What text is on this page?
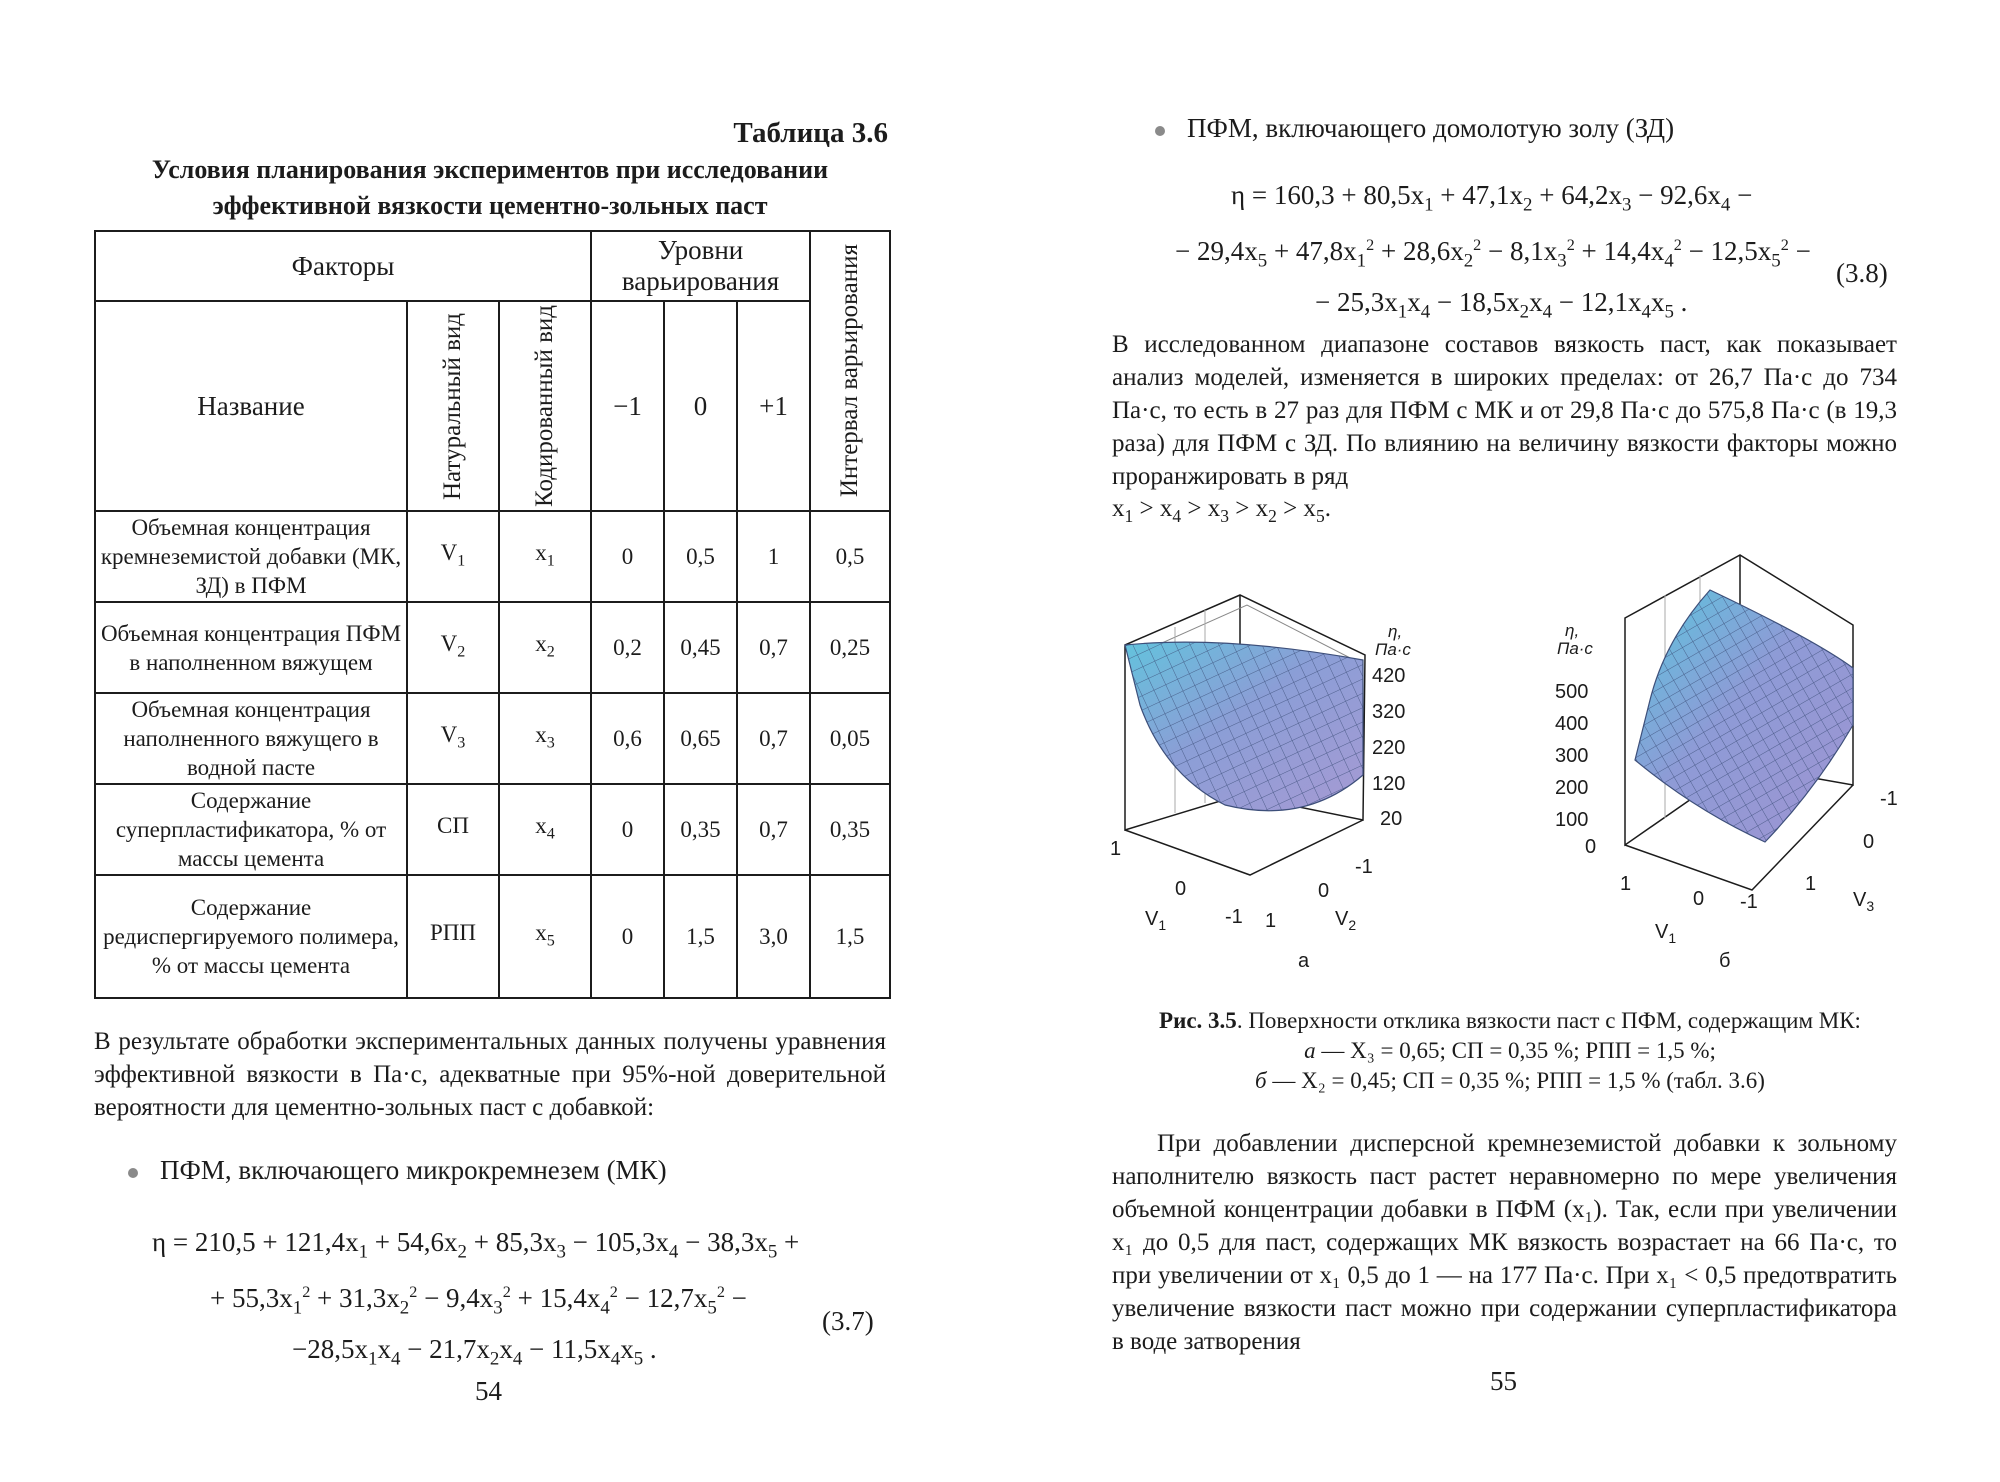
Таблица 3.6
Условия планирования экспериментов при исследовании
эффективной вязкости цементно-зольных паст
Факторы			Уровни варьирования			Интервал варьирования

Название	Натуральный вид	Кодированный вид	−1	0	+1	
Объемная концентрация кремнеземистой добавки (МК, ЗД) в ПФМ	$V_1$	$x_1$	0	0,5	1	0,5
Объемная концентрация ПФМ в наполненном вяжущем	$V_2$	$x_2$	0,2	0,45	0,7	0,25
Объемная концентрация наполненного вяжущего в водной пасте	$V_3$	$x_3$	0,6	0,65	0,7	0,05
Содержание суперпластификатора, % от массы цемента	СП	$x_4$	0	0,35	0,7	0,35
Содержание редиспергируемого полимера, % от массы цемента	РПП	$x_5$	0	1,5	3,0	1,5
В результате обработки экспериментальных данных получены уравнения эффективной вязкости в Па·с, адекватные при 95%-ной доверительной вероятности для цементно-зольных паст с добавкой:
ПФМ, включающего микрокремнезем (МК)
$\eta = 210,5 + 121,4x_1 + 54,6x_2 + 85,3x_3 - 105,3x_4 - 38,3x_5$ +
+ $55,3x_1^2 + 31,3x_2^2 - 9,4x_3^2 + 15,4x_4^2 - 12,7x_5^2$ −
$-28,5x_1x_4 - 21,7x_2x_4 - 11,5x_4x_5$ .
(3.7)
54
ПФМ, включающего домолотую золу (ЗД)
$\eta = 160,3 + 80,5x_1 + 47,1x_2 + 64,2x_3 - 92,6x_4$ −
− $29,4x_5 + 47,8x_1^2 + 28,6x_2^2 - 8,1x_3^2 + 14,4x_4^2 - 12,5x_5^2$ −
− $25,3x_1x_4 - 18,5x_2x_4 - 12,1x_4x_5$ .
(3.8)
В исследованном диапазоне составов вязкость паст, как показывает анализ моделей, изменяется в широких пределах: от 26,7 Па·с до 734 Па·с, то есть в 27 раз для ПФМ с МК и от 29,8 Па·с до 575,8 Па·с (в 19,3 раза) для ПФМ с ЗД. По влиянию на величину вязкости факторы можно проранжировать в ряд
$x_1 > x_4 > x_3 > x_2 > x_5$.
η,
Па·с
420
320
220
120
20
1
0
-1 1
0
-1
$V_1$	$V_2$
а
η,
Па·с
500
400
300
200
100
0
1
0 -1
-1
0
1
$V_1$
$V_3$
б
Рис. 3.5. Поверхности отклика вязкости паст с ПФМ, содержащим МК:
а — X₃ = 0,65; СП = 0,35 %; РПП = 1,5 %;
б — X₂ = 0,45; СП = 0,35 %; РПП = 1,5 % (табл. 3.6)
При добавлении дисперсной кремнеземистой добавки к зольному наполнителю вязкость паст растет неравномерно по мере увеличения объемной концентрации добавки в ПФМ (x₁). Так, если при увеличении x₁ до 0,5 для паст, содержащих МК вязкость возрастает на 66 Па·с, то при увеличении от x₁ 0,5 до 1 — на 177 Па·с. При x₁ < 0,5 предотвратить увеличение вязкости паст можно при содержании суперпластификатора в воде затворения
55
